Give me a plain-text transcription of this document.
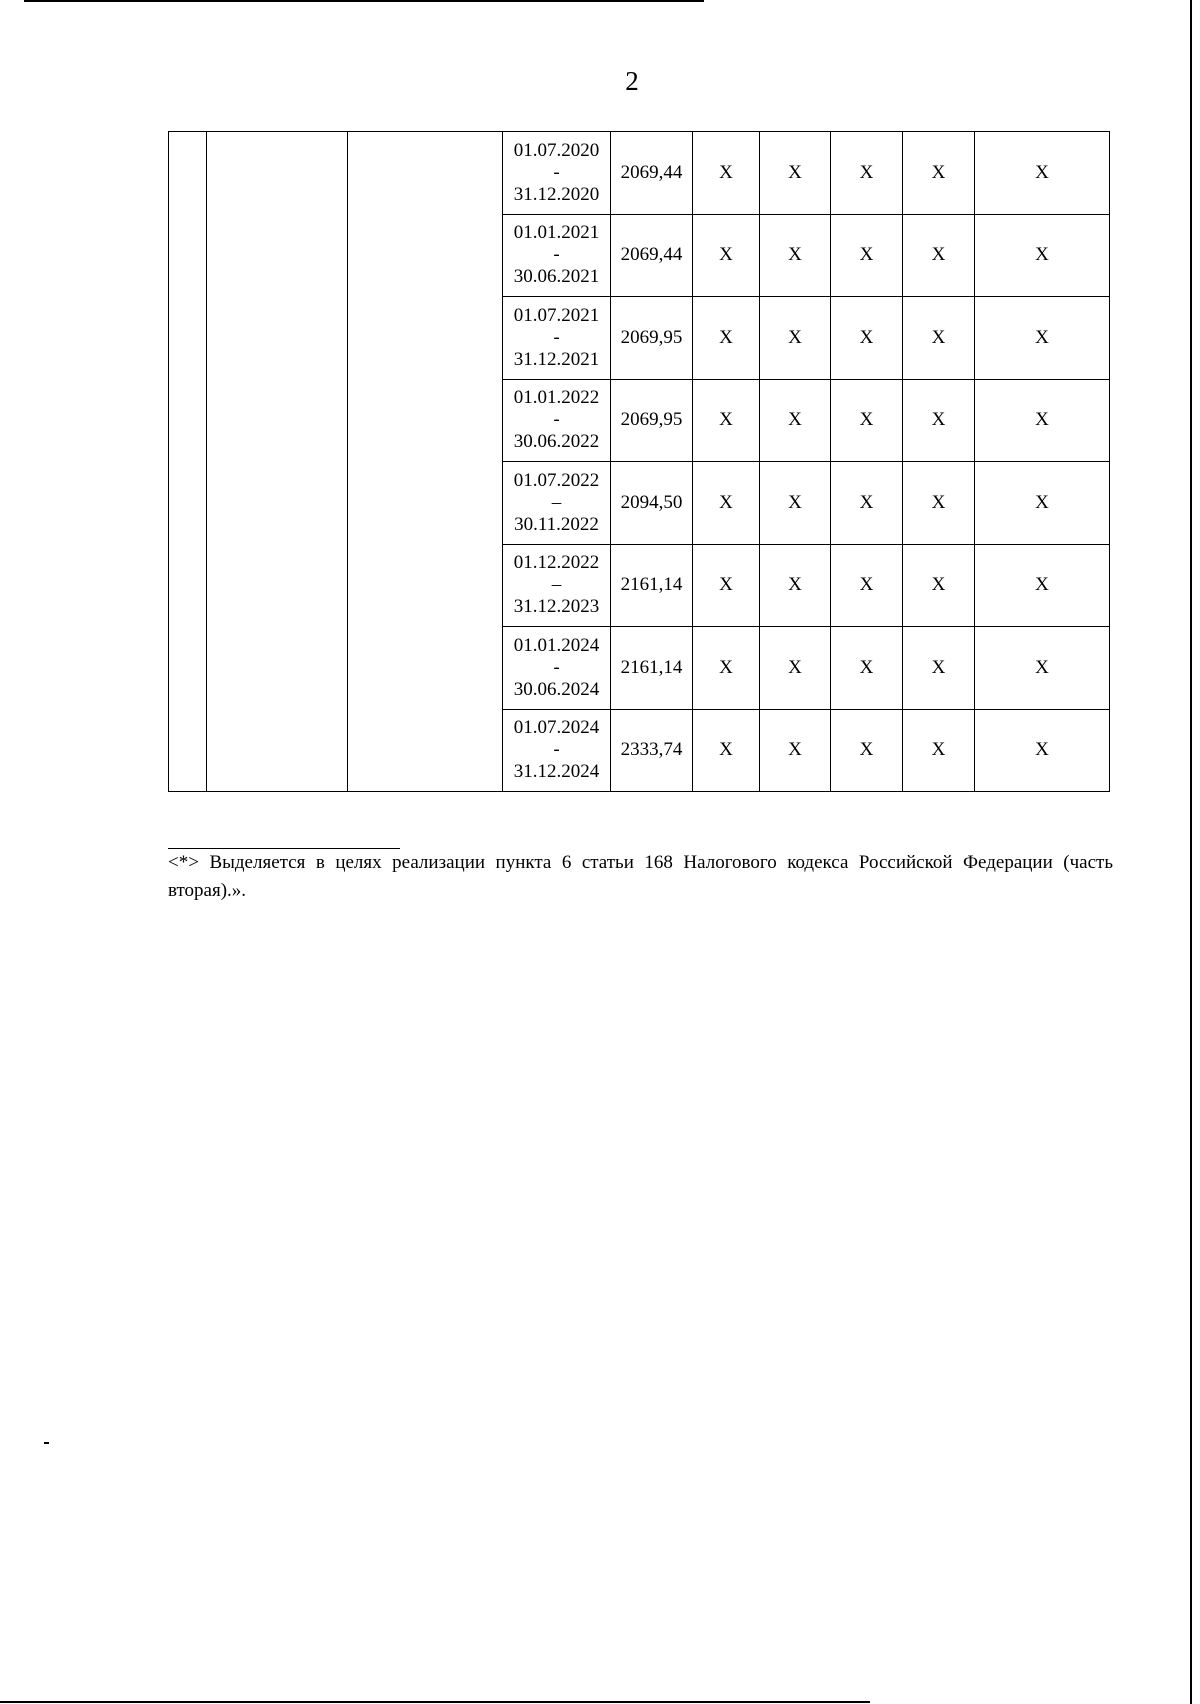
2

			01.07.2020
-
31.12.2020	2069,44	X	X	X	X	X

			01.01.2021
-
30.06.2021	2069,44	X	X	X	X	X

			01.07.2021
-
31.12.2021	2069,95	X	X	X	X	X

			01.01.2022
-
30.06.2022	2069,95	X	X	X	X	X

			01.07.2022
–
30.11.2022	2094,50	X	X	X	X	X

			01.12.2022
–
31.12.2023	2161,14	X	X	X	X	X

			01.01.2024
-
30.06.2024	2161,14	X	X	X	X	X

			01.07.2024
-
31.12.2024	2333,74	X	X	X	X	X
<*> Выделяется в целях реализации пункта 6 статьи 168 Налогового кодекса Российской Федерации (часть вторая).».
